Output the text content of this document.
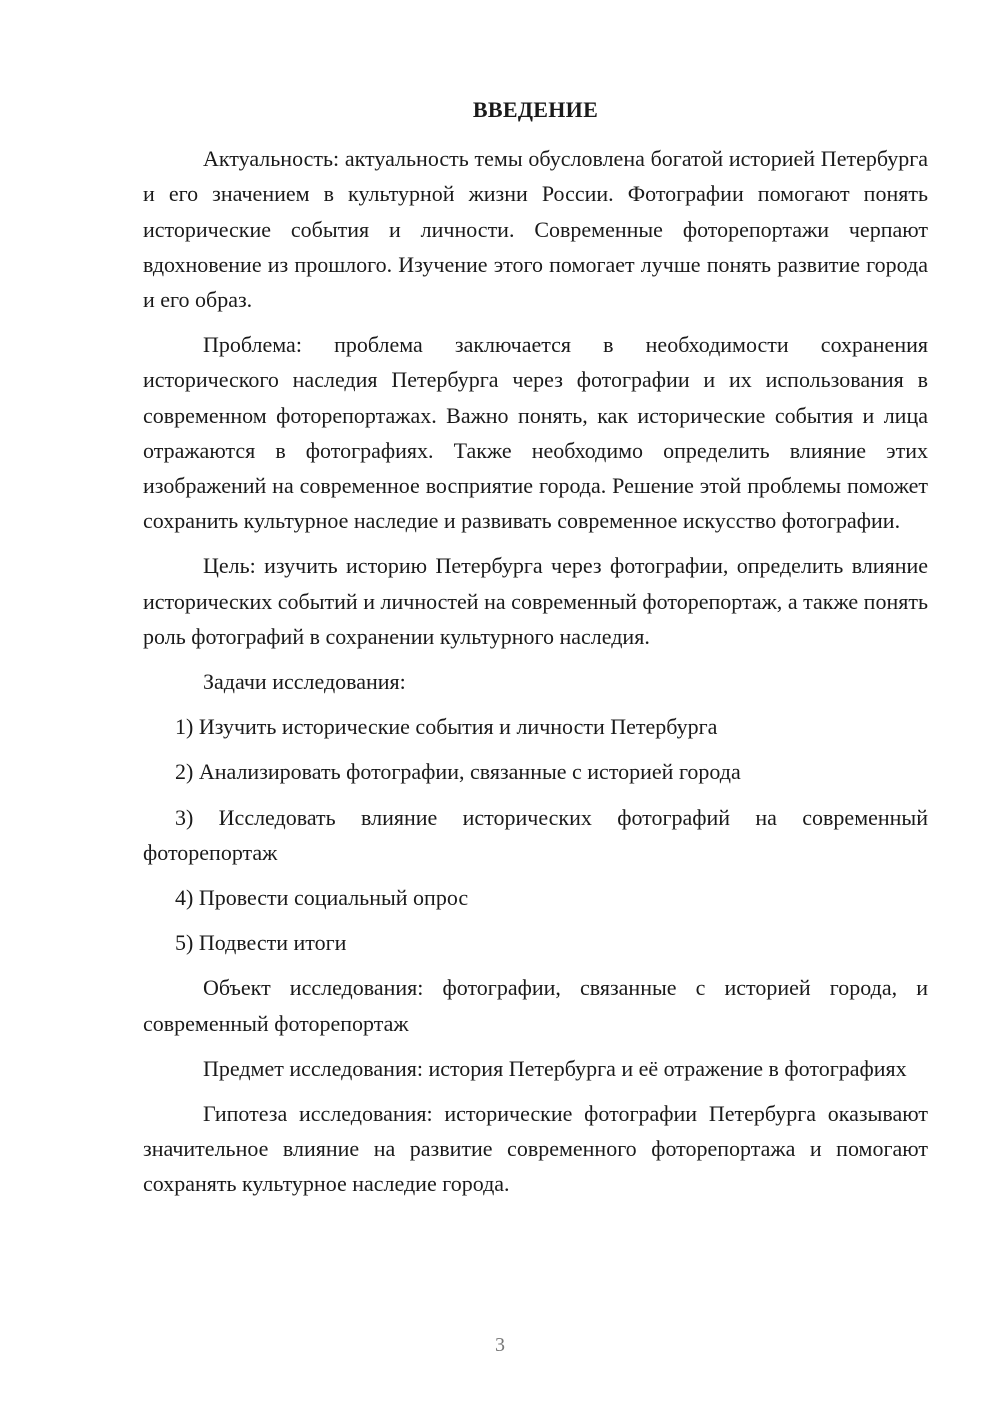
ВВЕДЕНИЕ

Актуальность: актуальность темы обусловлена богатой историей Петербурга и его значением в культурной жизни России. Фотографии помогают понять исторические события и личности. Современные фоторепортажи черпают вдохновение из прошлого. Изучение этого помогает лучше понять развитие города и его образ.

Проблема: проблема заключается в необходимости сохранения исторического наследия Петербурга через фотографии и их использования в современном фоторепортажах. Важно понять, как исторические события и лица отражаются в фотографиях. Также необходимо определить влияние этих изображений на современное восприятие города. Решение этой проблемы поможет сохранить культурное наследие и развивать современное искусство фотографии.

Цель: изучить историю Петербурга через фотографии, определить влияние исторических событий и личностей на современный фоторепортаж, а также понять роль фотографий в сохранении культурного наследия.

Задачи исследования:

1) Изучить исторические события и личности Петербурга

2) Анализировать фотографии, связанные с историей города

3) Исследовать влияние исторических фотографий на современный фоторепортаж

4) Провести социальный опрос

5) Подвести итоги

Объект исследования: фотографии, связанные с историей города, и современный фоторепортаж

Предмет исследования: история Петербурга и её отражение в фотографиях

Гипотеза исследования: исторические фотографии Петербурга оказывают значительное влияние на развитие современного фоторепортажа и помогают сохранять культурное наследие города.

3
